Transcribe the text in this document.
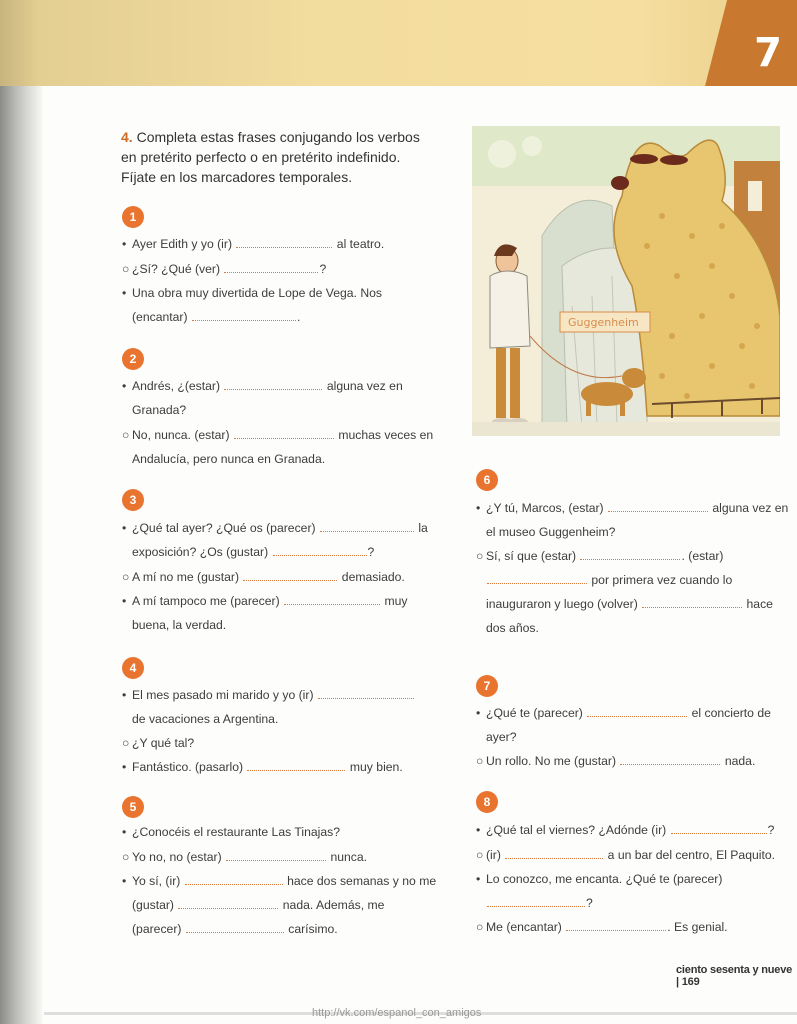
7
4. Completa estas frases conjugando los verbos
en pretérito perfecto o en pretérito indefinido.
Fíjate en los marcadores temporales.
Guggenheim
1
• Ayer Edith y yo (ir)	al teatro.
○ ¿Sí? ¿Qué (ver)	?
• Una obra muy divertida de Lope de Vega. Nos
(encantar)	.
2
• Andrés, ¿(estar)	alguna vez en
Granada?
○ No, nunca. (estar)	muchas veces en
Andalucía, pero nunca en Granada.
3
• ¿Qué tal ayer? ¿Qué os (parecer)	la
exposición? ¿Os (gustar)	?
○ A mí no me (gustar)	demasiado.
• A mí tampoco me (parecer)	muy
buena, la verdad.
4
• El mes pasado mi marido y yo (ir)
de vacaciones a Argentina.
○ ¿Y qué tal?
• Fantástico. (pasarlo)	muy bien.
5
• ¿Conocéis el restaurante Las Tinajas?
○ Yo no, no (estar)	nunca.
• Yo sí, (ir)	hace dos semanas y no me
(gustar)	nada. Además, me
(parecer)	carísimo.
6
• ¿Y tú, Marcos, (estar)	alguna vez en
el museo Guggenheim?
○ Sí, sí que (estar)	. (estar)
por primera vez cuando lo
inauguraron y luego (volver)	hace
dos años.
7
• ¿Qué te (parecer)	el concierto de
ayer?
○ Un rollo. No me (gustar)	nada.
8
• ¿Qué tal el viernes? ¿Adónde (ir)	?
○ (ir)	a un bar del centro, El Paquito.
• Lo conozco, me encanta. ¿Qué te (parecer)
?
○ Me (encantar)	. Es genial.
ciento sesenta y nueve | 169
http://vk.com/espanol_con_amigos
